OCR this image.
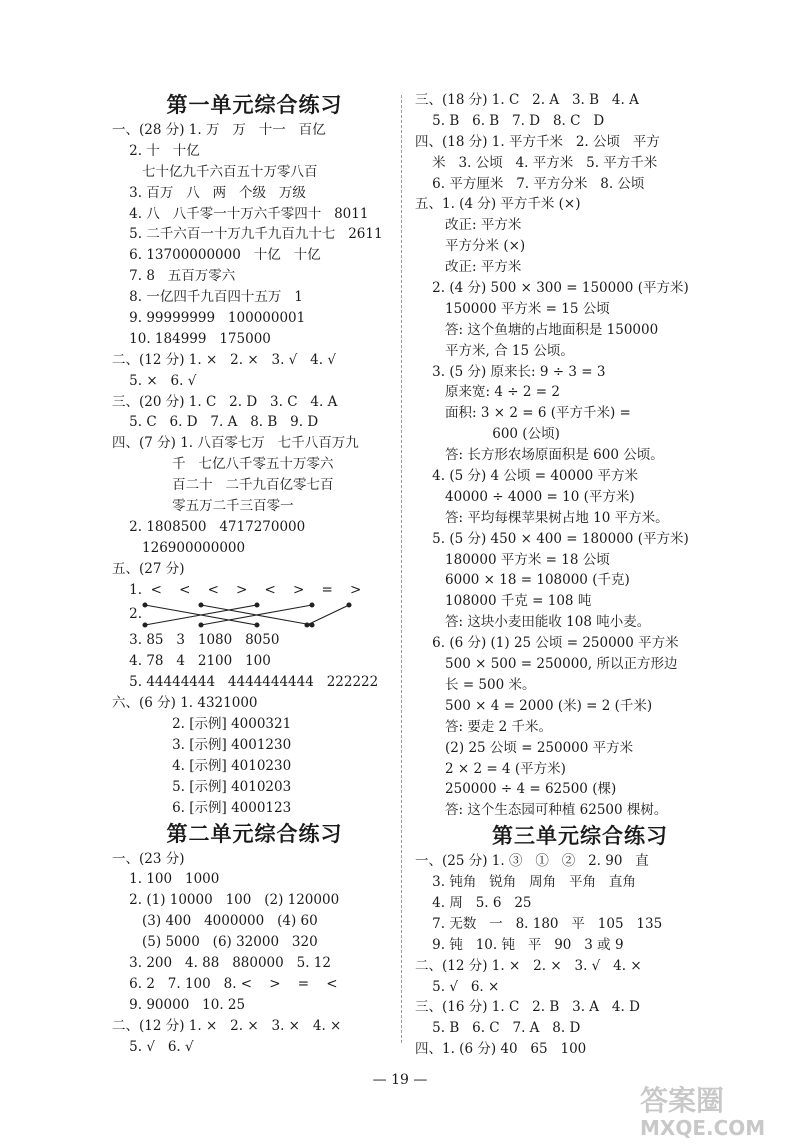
第一单元综合练习
一、(28 分) 1. 万   万   十一   百亿
2. 十   十亿
七十亿九千六百五十万零八百
3. 百万   八   两   个级   万级
4. 八   八千零一十万六千零四十   8011
5. 二千六百一十万九千九百九十七   2611
6. 13700000000   十亿   十亿
7. 8   五百万零六
8. 一亿四千九百四十五万   1
9. 99999999   100000001
10. 184999   175000
二、(12 分) 1. ×   2. ×   3. √   4. √
5. ×   6. √
三、(20 分) 1. C   2. D   3. C   4. A
5. C   6. D   7. A   8. B   9. D
四、(7 分) 1. 八百零七万   七千八百万九
千   七亿八千零五十万零六
百二十   二千九百亿零七百
零五万二千三百零一
2. 1808500   4717270000
126900000000
五、(27 分)
1.  <    <    <    >    <    >    =    >
2.
3. 85   3   1080   8050
4. 78   4   2100   100
5. 44444444   4444444444   222222
六、(6 分) 1. 4321000
2. [示例] 4000321
3. [示例] 4001230
4. [示例] 4010230
5. [示例] 4010203
6. [示例] 4000123
第二单元综合练习
一、(23 分)
1. 100   1000
2. (1) 10000   100   (2) 120000
(3) 400   4000000   (4) 60
(5) 5000   (6) 32000   320
3. 200   4. 88   880000   5. 12
6. 2   7. 100   8. <    >    =    <
9. 90000   10. 25
二、(12 分) 1. ×   2. ×   3. ×   4. ×
5. √   6. √
三、(18 分) 1. C   2. A   3. B   4. A
5. B   6. B   7. D   8. C   D
四、(18 分) 1. 平方千米   2. 公顷   平方
米   3. 公顷   4. 平方米   5. 平方千米
6. 平方厘米   7. 平方分米   8. 公顷
五、1. (4 分) 平方千米 (×)
改正: 平方米
平方分米 (×)
改正: 平方米
2. (4 分) 500 × 300 = 150000 (平方米)
150000 平方米 = 15 公顷
答: 这个鱼塘的占地面积是 150000
平方米, 合 15 公顷。
3. (5 分) 原来长: 9 ÷ 3 = 3
原来宽: 4 ÷ 2 = 2
面积: 3 × 2 = 6 (平方千米) =
600 (公顷)
答: 长方形农场原面积是 600 公顷。
4. (5 分) 4 公顷 = 40000 平方米
40000 ÷ 4000 = 10 (平方米)
答: 平均每棵苹果树占地 10 平方米。
5. (5 分) 450 × 400 = 180000 (平方米)
180000 平方米 = 18 公顷
6000 × 18 = 108000 (千克)
108000 千克 = 108 吨
答: 这块小麦田能收 108 吨小麦。
6. (6 分) (1) 25 公顷 = 250000 平方米
500 × 500 = 250000, 所以正方形边
长 = 500 米。
500 × 4 = 2000 (米) = 2 (千米)
答: 要走 2 千米。
(2) 25 公顷 = 250000 平方米
2 × 2 = 4 (平方米)
250000 ÷ 4 = 62500 (棵)
答: 这个生态园可种植 62500 棵树。
第三单元综合练习
一、(25 分) 1. ③   ①   ②   2. 90   直
3. 钝角   锐角   周角   平角   直角
4. 周   5. 6   25
7. 无数   一   8. 180   平   105   135
9. 钝   10. 钝   平   90   3 或 9
二、(12 分) 1. ×   2. ×   3. √   4. ×
5. √   6. ×
三、(16 分) 1. C   2. B   3. A   4. D
5. B   6. C   7. A   8. D
四、1. (6 分) 40   65   100
— 19 —
答案圈
MXQE.COM
